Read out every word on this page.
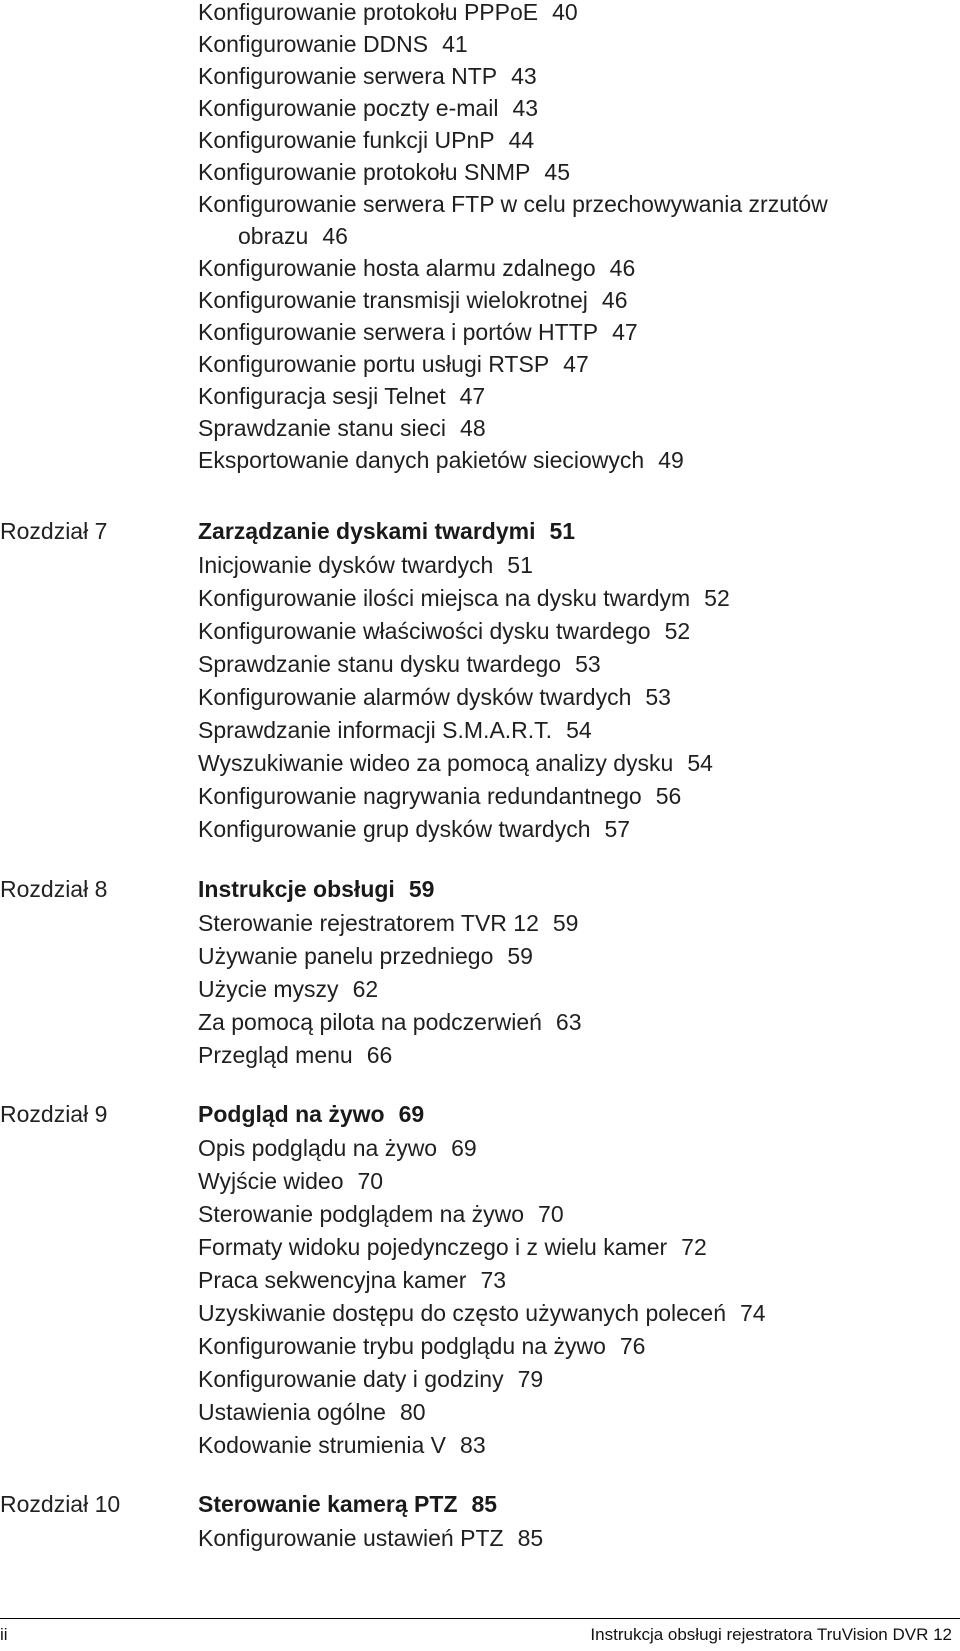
Konfigurowanie protokołu PPPoE 40
Konfigurowanie DDNS 41
Konfigurowanie serwera NTP 43
Konfigurowanie poczty e-mail 43
Konfigurowanie funkcji UPnP 44
Konfigurowanie protokołu SNMP 45
Konfigurowanie serwera FTP w celu przechowywania zrzutów
obrazu 46
Konfigurowanie hosta alarmu zdalnego 46
Konfigurowanie transmisji wielokrotnej 46
Konfigurowanie serwera i portów HTTP 47
Konfigurowanie portu usługi RTSP 47
Konfiguracja sesji Telnet 47
Sprawdzanie stanu sieci 48
Eksportowanie danych pakietów sieciowych 49
Rozdział 7	Zarządzanie dyskami twardymi 51
Inicjowanie dysków twardych 51
Konfigurowanie ilości miejsca na dysku twardym 52
Konfigurowanie właściwości dysku twardego 52
Sprawdzanie stanu dysku twardego 53
Konfigurowanie alarmów dysków twardych 53
Sprawdzanie informacji S.M.A.R.T. 54
Wyszukiwanie wideo za pomocą analizy dysku 54
Konfigurowanie nagrywania redundantnego 56
Konfigurowanie grup dysków twardych 57
Rozdział 8	Instrukcje obsługi 59
Sterowanie rejestratorem TVR 12 59
Używanie panelu przedniego 59
Użycie myszy 62
Za pomocą pilota na podczerwień 63
Przegląd menu 66
Rozdział 9	Podgląd na żywo 69
Opis podglądu na żywo 69
Wyjście wideo 70
Sterowanie podglądem na żywo 70
Formaty widoku pojedynczego i z wielu kamer 72
Praca sekwencyjna kamer 73
Uzyskiwanie dostępu do często używanych poleceń 74
Konfigurowanie trybu podglądu na żywo 76
Konfigurowanie daty i godziny 79
Ustawienia ogólne 80
Kodowanie strumienia V 83
Rozdział 10	Sterowanie kamerą PTZ 85
Konfigurowanie ustawień PTZ 85
ii	Instrukcja obsługi rejestratora TruVision DVR 12
